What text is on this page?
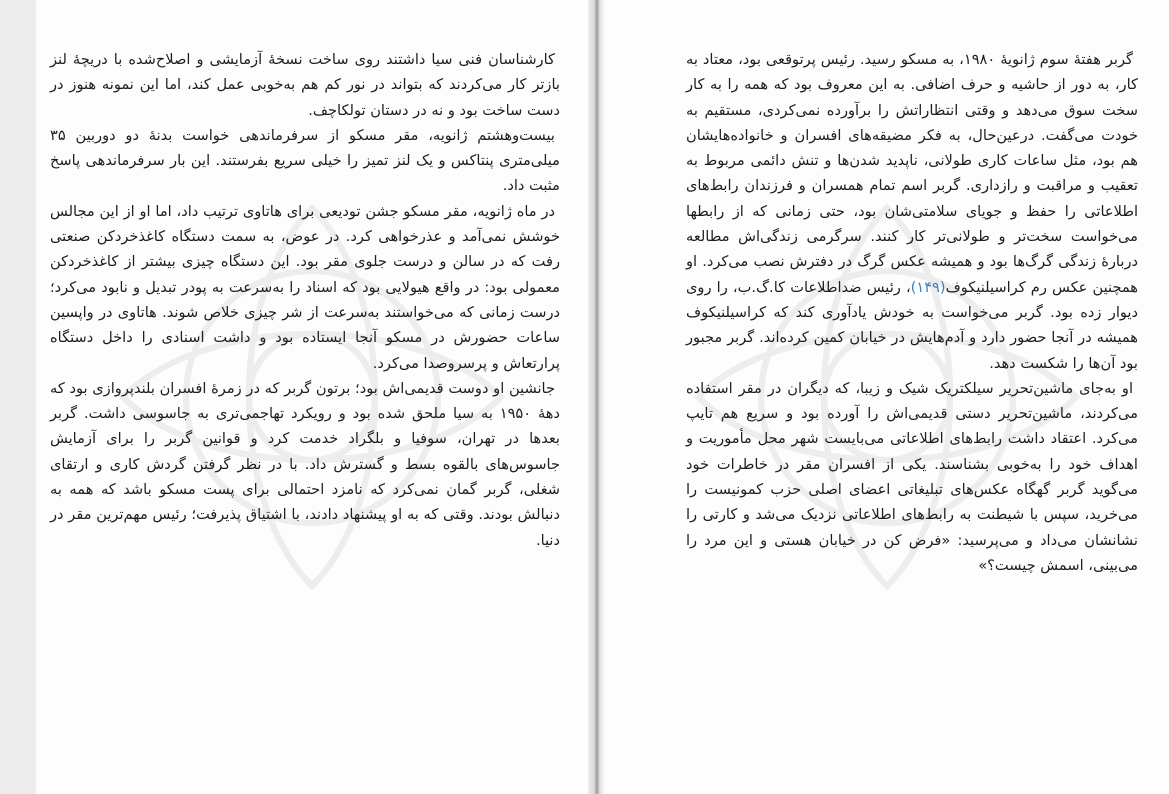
کارشناسان فنی سیا داشتند روی ساخت نسخهٔ آزمایشی و اصلاح‌شده با دریچهٔ لنز بازتر کار می‌کردند که بتواند در نور کم هم به‌خوبی عمل کند، اما این نمونه هنوز در دست ساخت بود و نه در دستان تولکاچف.

بیست‌وهشتم ژانویه، مقر مسکو از سرفرماندهی خواست بدنهٔ دو دوربین ۳۵ میلی‌متری پنتاکس و یک لنز تمیز را خیلی سریع بفرستند. این بار سرفرماندهی پاسخ مثبت داد.

در ماه ژانویه، مقر مسکو جشن تودیعی برای هاتاوی ترتیب داد، اما او از این مجالس خوشش نمی‌آمد و عذرخواهی کرد. در عوض، به سمت دستگاه کاغذخردکن صنعتی رفت که در سالن و درست جلوی مقر بود. این دستگاه چیزی بیشتر از کاغذخردکن معمولی بود: در واقع هیولایی بود که اسناد را به‌سرعت به پودر تبدیل و نابود می‌کرد؛ درست زمانی که می‌خواستند به‌سرعت از شر چیزی خلاص شوند. هاتاوی در واپسین ساعات حضورش در مسکو آنجا ایستاده بود و داشت اسنادی را داخل دستگاه پرارتعاش و پرسروصدا می‌کرد.

جانشین او دوست قدیمی‌اش بود؛ برتون گربر که در زمرهٔ افسران بلندپروازی بود که دههٔ ۱۹۵۰ به سیا ملحق شده بود و رویکرد تهاجمی‌تری به جاسوسی داشت. گربر بعدها در تهران، سوفیا و بلگراد خدمت کرد و قوانین گربر را برای آزمایش جاسوس‌های بالقوه بسط و گسترش داد. با در نظر گرفتن گردش کاری و ارتقای شغلی، گربر گمان نمی‌کرد که نامزد احتمالی برای پست مسکو باشد که همه به دنبالش بودند. وقتی که به او پیشنهاد دادند، با اشتیاق پذیرفت؛ رئیس مهم‌ترین مقر در دنیا.

گربر هفتهٔ سوم ژانویهٔ ۱۹۸۰، به مسکو رسید. رئیس پرتوقعی بود، معتاد به کار، به دور از حاشیه و حرف اضافی. به این معروف بود که همه را به کار سخت سوق می‌دهد و وقتی انتظاراتش را برآورده نمی‌کردی، مستقیم به خودت می‌گفت. درعین‌حال، به فکر مضیقه‌های افسران و خانواده‌هایشان هم بود، مثل ساعات کاری طولانی، ناپدید شدن‌ها و تنش دائمی مربوط به تعقیب و مراقبت و رازداری. گربر اسم تمام همسران و فرزندان رابط‌های اطلاعاتی را حفظ و جویای سلامتی‌شان بود، حتی زمانی که از رابطها می‌خواست سخت‌تر و طولانی‌تر کار کنند. سرگرمی زندگی‌اش مطالعه دربارهٔ زندگی گرگ‌ها بود و همیشه عکس گرگ در دفترش نصب می‌کرد. او همچنین عکس رم کراسیلنیکوف(۱۴۹)، رئیس ضداطلاعات کا.گ.ب، را روی دیوار زده بود. گربر می‌خواست به خودش یادآوری کند که کراسیلنیکوف همیشه در آنجا حضور دارد و آدم‌هایش در خیابان کمین کرده‌اند. گربر مجبور بود آن‌ها را شکست دهد.

او به‌جای ماشین‌تحریر سیلکتریک شیک و زیبا، که دیگران در مقر استفاده می‌کردند، ماشین‌تحریر دستی قدیمی‌اش را آورده بود و سریع هم تایپ می‌کرد. اعتقاد داشت رابط‌های اطلاعاتی می‌بایست شهر محل مأموریت و اهداف خود را به‌خوبی بشناسند. یکی از افسران مقر در خاطرات خود می‌گوید گربر گهگاه عکس‌های تبلیغاتی اعضای اصلی حزب کمونیست را می‌خرید، سپس با شیطنت به رابط‌های اطلاعاتی نزدیک می‌شد و کارتی را نشانشان می‌داد و می‌پرسید: «فرض کن در خیابان هستی و این مرد را می‌بینی، اسمش چیست؟»
